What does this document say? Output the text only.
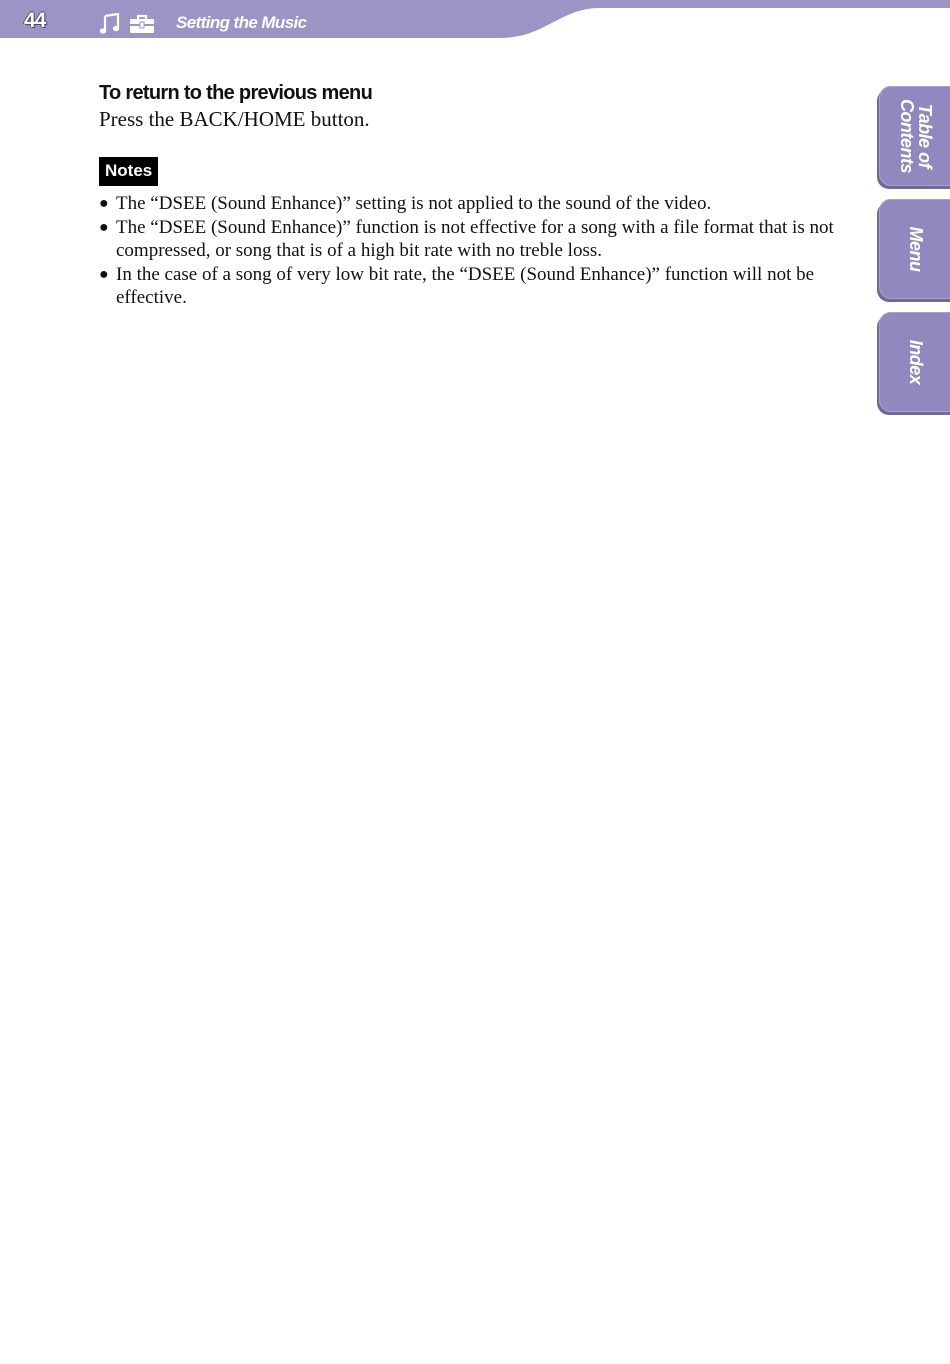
44	Setting the Music
Table of
Contents
Menu
Index
To return to the previous menu

Press the BACK/HOME button.

Notes
● The “DSEE (Sound Enhance)” setting is not applied to the sound of the video.
● The “DSEE (Sound Enhance)” function is not effective for a song with a file format that is not compressed, or song that is of a high bit rate with no treble loss.
● In the case of a song of very low bit rate, the “DSEE (Sound Enhance)” function will not be effective.
